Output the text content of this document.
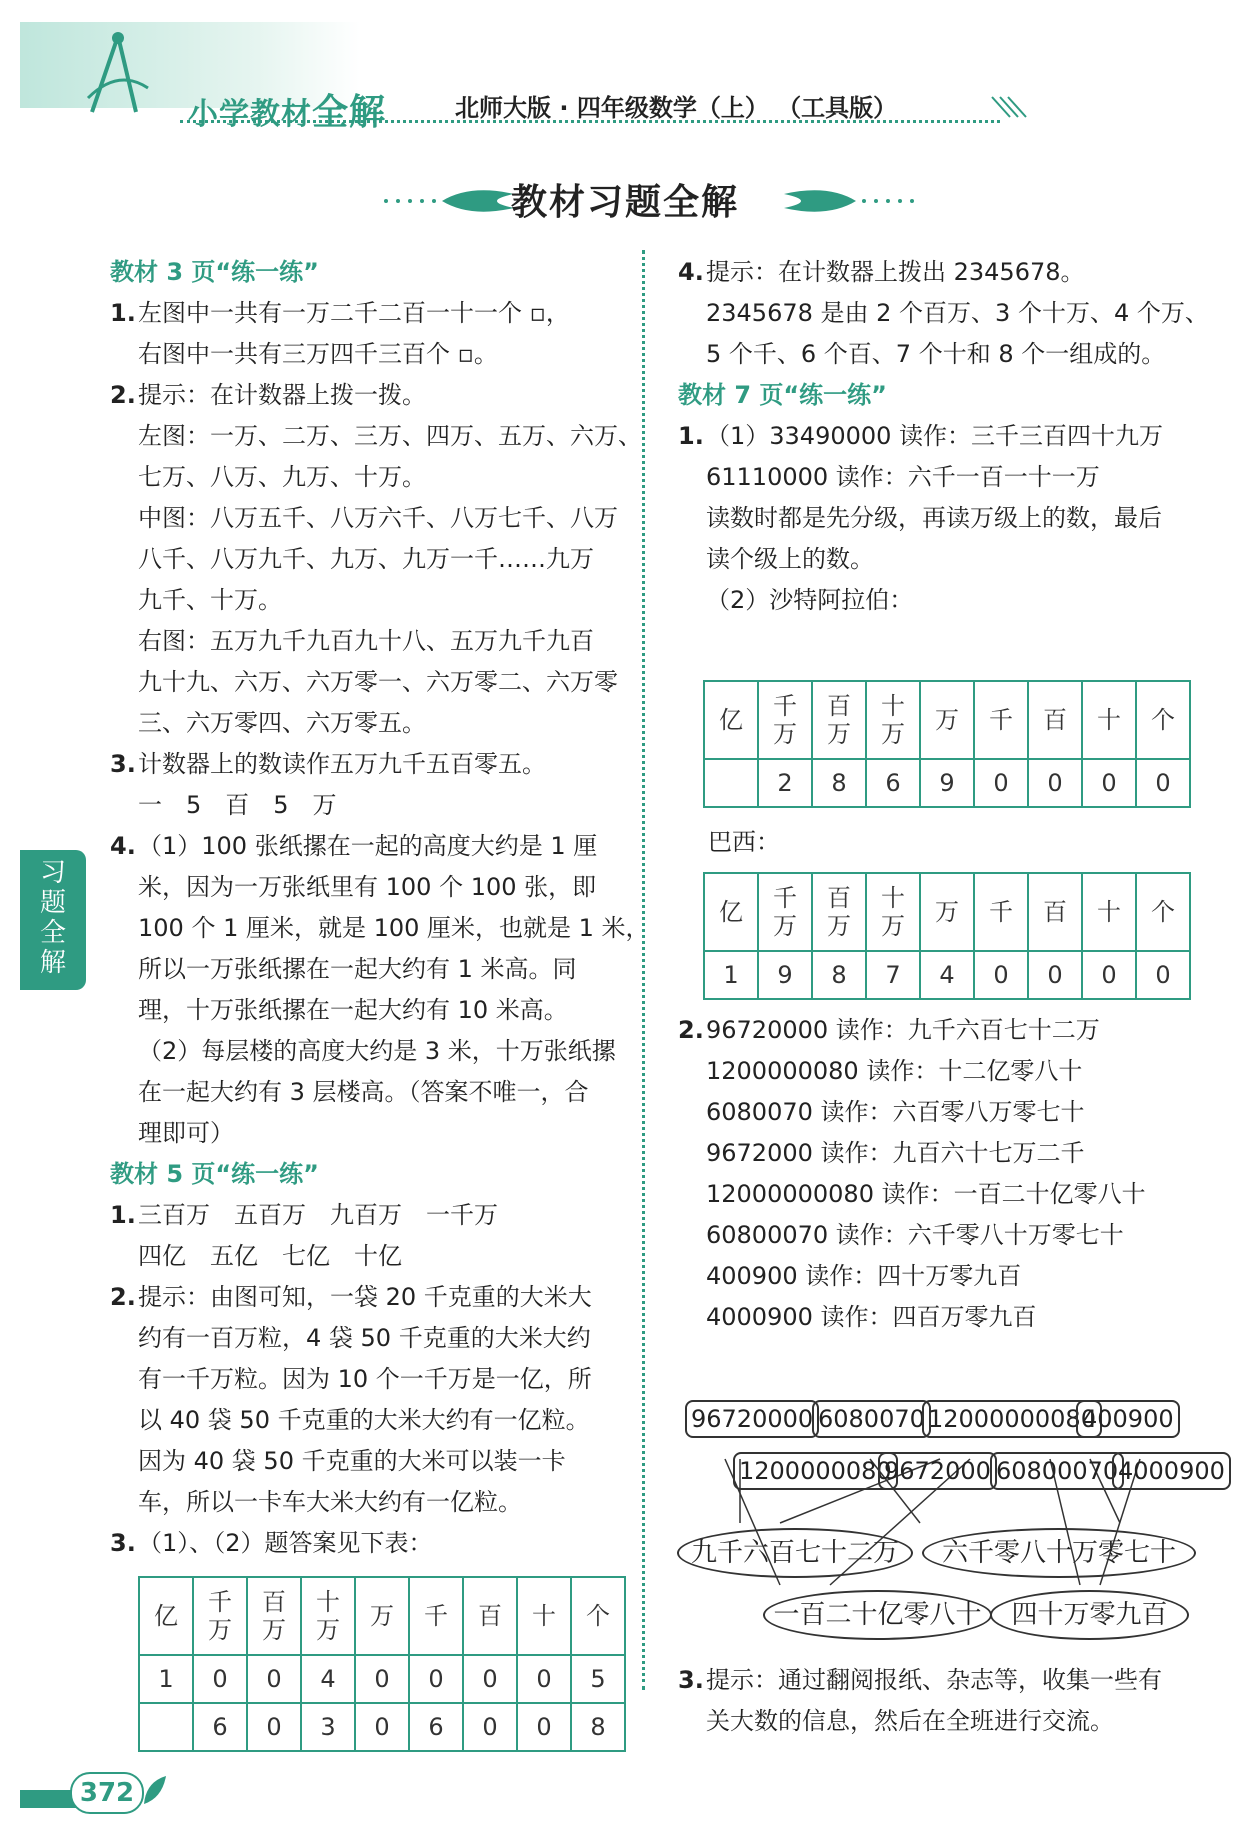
小学教材全解	北师大版 · 四年级数学（上） （工具版）
教材习题全解
习
题
全
解
教材 3 页“练一练”
1.左图中一共有一万二千二百一十一个 ▫，
右图中一共有三万四千三百个 ▫。
2.提示：在计数器上拨一拨。
左图：一万、二万、三万、四万、五万、六万、
七万、八万、九万、十万。
中图：八万五千、八万六千、八万七千、八万
八千、八万九千、九万、九万一千……九万
九千、十万。
右图：五万九千九百九十八、五万九千九百
九十九、六万、六万零一、六万零二、六万零
三、六万零四、六万零五。
3.计数器上的数读作五万九千五百零五。
一　5　百　5　万
4.（1）100 张纸摞在一起的高度大约是 1 厘
米，因为一万张纸里有 100 个 100 张，即
100 个 1 厘米，就是 100 厘米，也就是 1 米，
所以一万张纸摞在一起大约有 1 米高。同
理，十万张纸摞在一起大约有 10 米高。
（2）每层楼的高度大约是 3 米，十万张纸摞
在一起大约有 3 层楼高。（答案不唯一，合
理即可）
教材 5 页“练一练”
1.三百万　五百万　九百万　一千万
四亿　五亿　七亿　十亿
2.提示：由图可知，一袋 20 千克重的大米大
约有一百万粒，4 袋 50 千克重的大米大约
有一千万粒。因为 10 个一千万是一亿，所
以 40 袋 50 千克重的大米大约有一亿粒。
因为 40 袋 50 千克重的大米可以装一卡
车，所以一卡车大米大约有一亿粒。
3.（1）、（2）题答案见下表：
亿	千万	百万	十万	万	千	百	十	个
1	0	0	4	0	0	0	0	5
	6	0	3	0	6	0	0	8
4.提示：在计数器上拨出 2345678。
2345678 是由 2 个百万、3 个十万、4 个万、
5 个千、6 个百、7 个十和 8 个一组成的。
教材 7 页“练一练”
1.（1）33490000 读作：三千三百四十九万
61110000 读作：六千一百一十一万
读数时都是先分级，再读万级上的数，最后
读个级上的数。
（2）沙特阿拉伯：
亿	千万	百万	十万	万	千	百	十	个
	2	8	6	9	0	0	0	0
巴西：
亿	千万	百万	十万	万	千	百	十	个
1	9	8	7	4	0	0	0	0
2.96720000 读作：九千六百七十二万
1200000080 读作：十二亿零八十
6080070 读作：六百零八万零七十
9672000 读作：九百六十七万二千
12000000080 读作：一百二十亿零八十
60800070 读作：六千零八十万零七十
400900 读作：四十万零九百
4000900 读作：四百万零九百
96720000 6080070 12000000080
400900
1200000080
9672000 60800070 4000900
九千六百七十二万	六千零八十万零七十
一百二十亿零八十	四十万零九百
3.提示：通过翻阅报纸、杂志等，收集一些有
关大数的信息，然后在全班进行交流。
372
